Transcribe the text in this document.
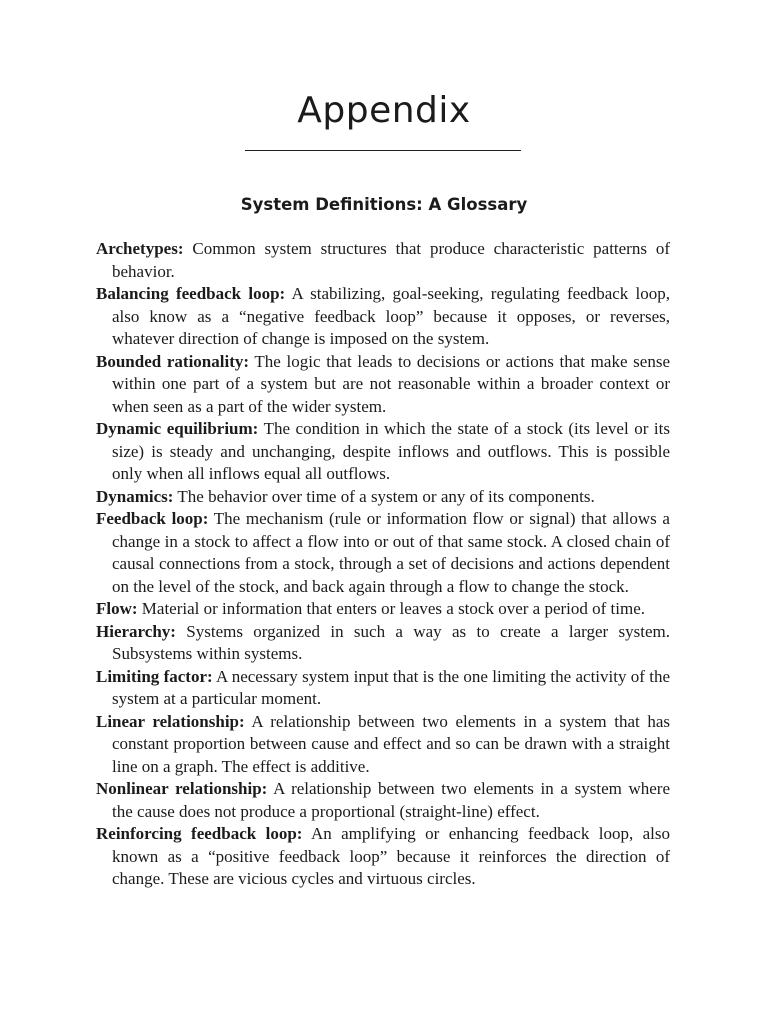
Appendix
System Definitions: A Glossary
Archetypes: Common system structures that produce characteristic patterns of behavior.
Balancing feedback loop: A stabilizing, goal-seeking, regulating feedback loop, also know as a “negative feedback loop” because it opposes, or reverses, whatever direction of change is imposed on the system.
Bounded rationality: The logic that leads to decisions or actions that make sense within one part of a system but are not reasonable within a broader context or when seen as a part of the wider system.
Dynamic equilibrium: The condition in which the state of a stock (its level or its size) is steady and unchanging, despite inflows and outflows. This is possible only when all inflows equal all outflows.
Dynamics: The behavior over time of a system or any of its components.
Feedback loop: The mechanism (rule or information flow or signal) that allows a change in a stock to affect a flow into or out of that same stock. A closed chain of causal connections from a stock, through a set of decisions and actions dependent on the level of the stock, and back again through a flow to change the stock.
Flow: Material or information that enters or leaves a stock over a period of time.
Hierarchy: Systems organized in such a way as to create a larger system. Subsystems within systems.
Limiting factor: A necessary system input that is the one limiting the activity of the system at a particular moment.
Linear relationship: A relationship between two elements in a system that has constant proportion between cause and effect and so can be drawn with a straight line on a graph. The effect is additive.
Nonlinear relationship: A relationship between two elements in a system where the cause does not produce a proportional (straight-line) effect.
Reinforcing feedback loop: An amplifying or enhancing feedback loop, also known as a “positive feedback loop” because it reinforces the direction of change. These are vicious cycles and virtuous circles.
